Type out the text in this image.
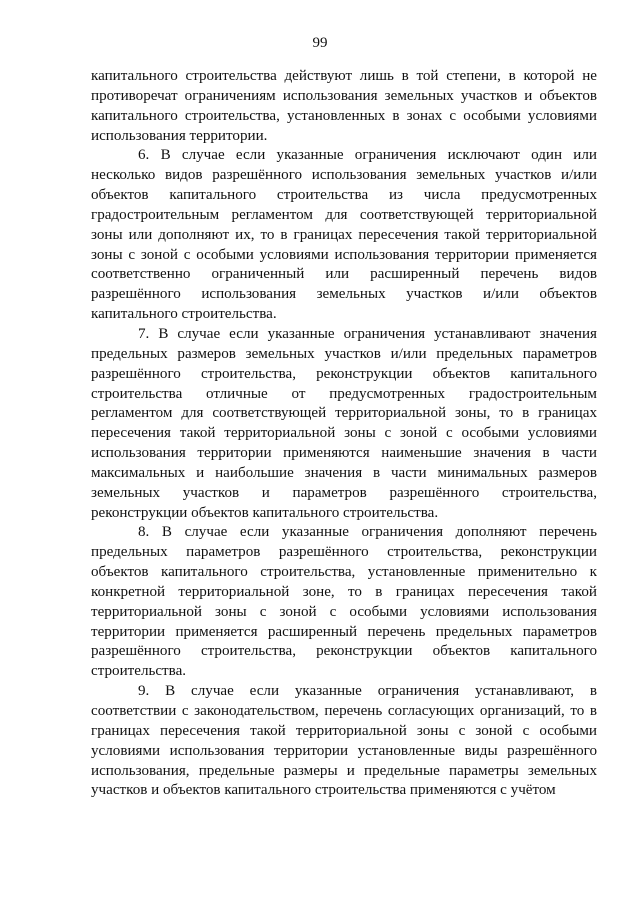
99

капитального строительства действуют лишь в той степени, в которой не противоречат ограничениям использования земельных участков и объектов капитального строительства, установленных в зонах с особыми условиями использования территории.

6. В случае если указанные ограничения исключают один или несколько видов разрешённого использования земельных участков и/или объектов капитального строительства из числа предусмотренных градостроительным регламентом для соответствующей территориальной зоны или дополняют их, то в границах пересечения такой территориальной зоны с зоной с особыми условиями использования территории применяется соответственно ограниченный или расширенный перечень видов разрешённого использования земельных участков и/или объектов капитального строительства.

7. В случае если указанные ограничения устанавливают значения предельных размеров земельных участков и/или предельных параметров разрешённого строительства, реконструкции объектов капитального строительства отличные от предусмотренных градостроительным регламентом для соответствующей территориальной зоны, то в границах пересечения такой территориальной зоны с зоной с особыми условиями использования территории применяются наименьшие значения в части максимальных и наибольшие значения в части минимальных размеров земельных участков и параметров разрешённого строительства, реконструкции объектов капитального строительства.

8. В случае если указанные ограничения дополняют перечень предельных параметров разрешённого строительства, реконструкции объектов капитального строительства, установленные применительно к конкретной территориальной зоне, то в границах пересечения такой территориальной зоны с зоной с особыми условиями использования территории применяется расширенный перечень предельных параметров разрешённого строительства, реконструкции объектов капитального строительства.

9. В случае если указанные ограничения устанавливают, в соответствии с законодательством, перечень согласующих организаций, то в границах пересечения такой территориальной зоны с зоной с особыми условиями использования территории установленные виды разрешённого использования, предельные размеры и предельные параметры земельных участков и объектов капитального строительства применяются с учётом
